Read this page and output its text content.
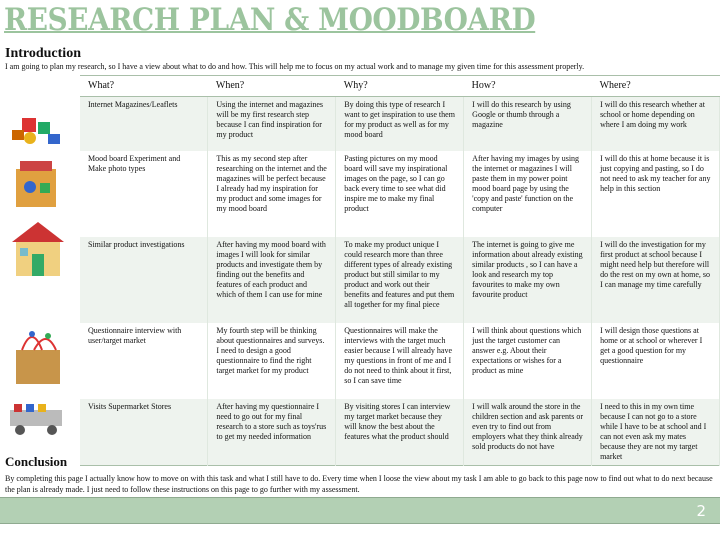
RESEARCH PLAN & MOODBOARD
Introduction
I am going to plan my research, so I have a view about what to do and how. This will help me to focus on my actual work and to manage my given time for this assessment properly.
What?	When?	Why?	How?	Where?
Internet Magazines/Leaflets	Using the internet and magazines will be my first research step because I can find inspiration for my product	By doing this type of research I want to get inspiration to use them for my product as well as for my mood board	I will do this research by using Google or thumb through a magazine	I will do this research whether at school or home depending on where I am doing my work
Mood board Experiment and Make photo types	This as my second step after researching on the internet and the magazines will be perfect because I already had my inspiration for my product and some images for my mood board	Pasting pictures on my mood board will save my inspirational images on the page, so I can go back every time to see what did inspire me to make my final product	After having my images by using the internet or magazines I will paste them in my power point mood board page by using the 'copy and paste' function on the computer	I will do this at home because it is just copying and pasting, so I do not need to ask my teacher for any help in this section
Similar product investigations	After having my mood board with images I will look for similar products and investigate them by finding out the benefits and features of each product and which of them I can use for mine	To make my product unique I could research more than three different types of already existing product but still similar to my product and work out their benefits and features and put them all together for my final piece	The internet is going to give me information about already existing similar products , so I can have a look and research my top favourites to make my own favourite product	I will do the investigation for my first product at school because I might need help but therefore will do the rest on my own at home, so I can manage my time carefully
Questionnaire interview with user/target market	My fourth step will be thinking about questionnaires and surveys. I need to design a good questionnaire to find the right target market for my product	Questionnaires will make the interviews with the target much easier because I will already have my questions in front of me and I do not need to think about it first, so I can save time	I will think about questions which just the target customer can answer e.g. About their expectations or wishes for a product as mine	I will design those questions at home or at school or wherever I get a good question for my questionnaire
Visits Supermarket Stores	After having my questionnaire I need to go out for my final research to a store such as toys'rus to get my needed information	By visiting stores I can interview my target market because they will know the best about the features what the product should	I will walk around the store in the children section and ask parents or even try to find out from employers what they think already sold products do not have	I need to this in my own time because I can not go to a store while I have to be at school and I can not even ask my mates because they are not my target market
Conclusion
By completing this page I actually know how to move on with this task and what I still have to do. Every time when I loose the view about my task I am able to go back to this page now to find out what to do next because the plan is already made. I just need to follow these instructions on this page to go further with my assessment.
2
